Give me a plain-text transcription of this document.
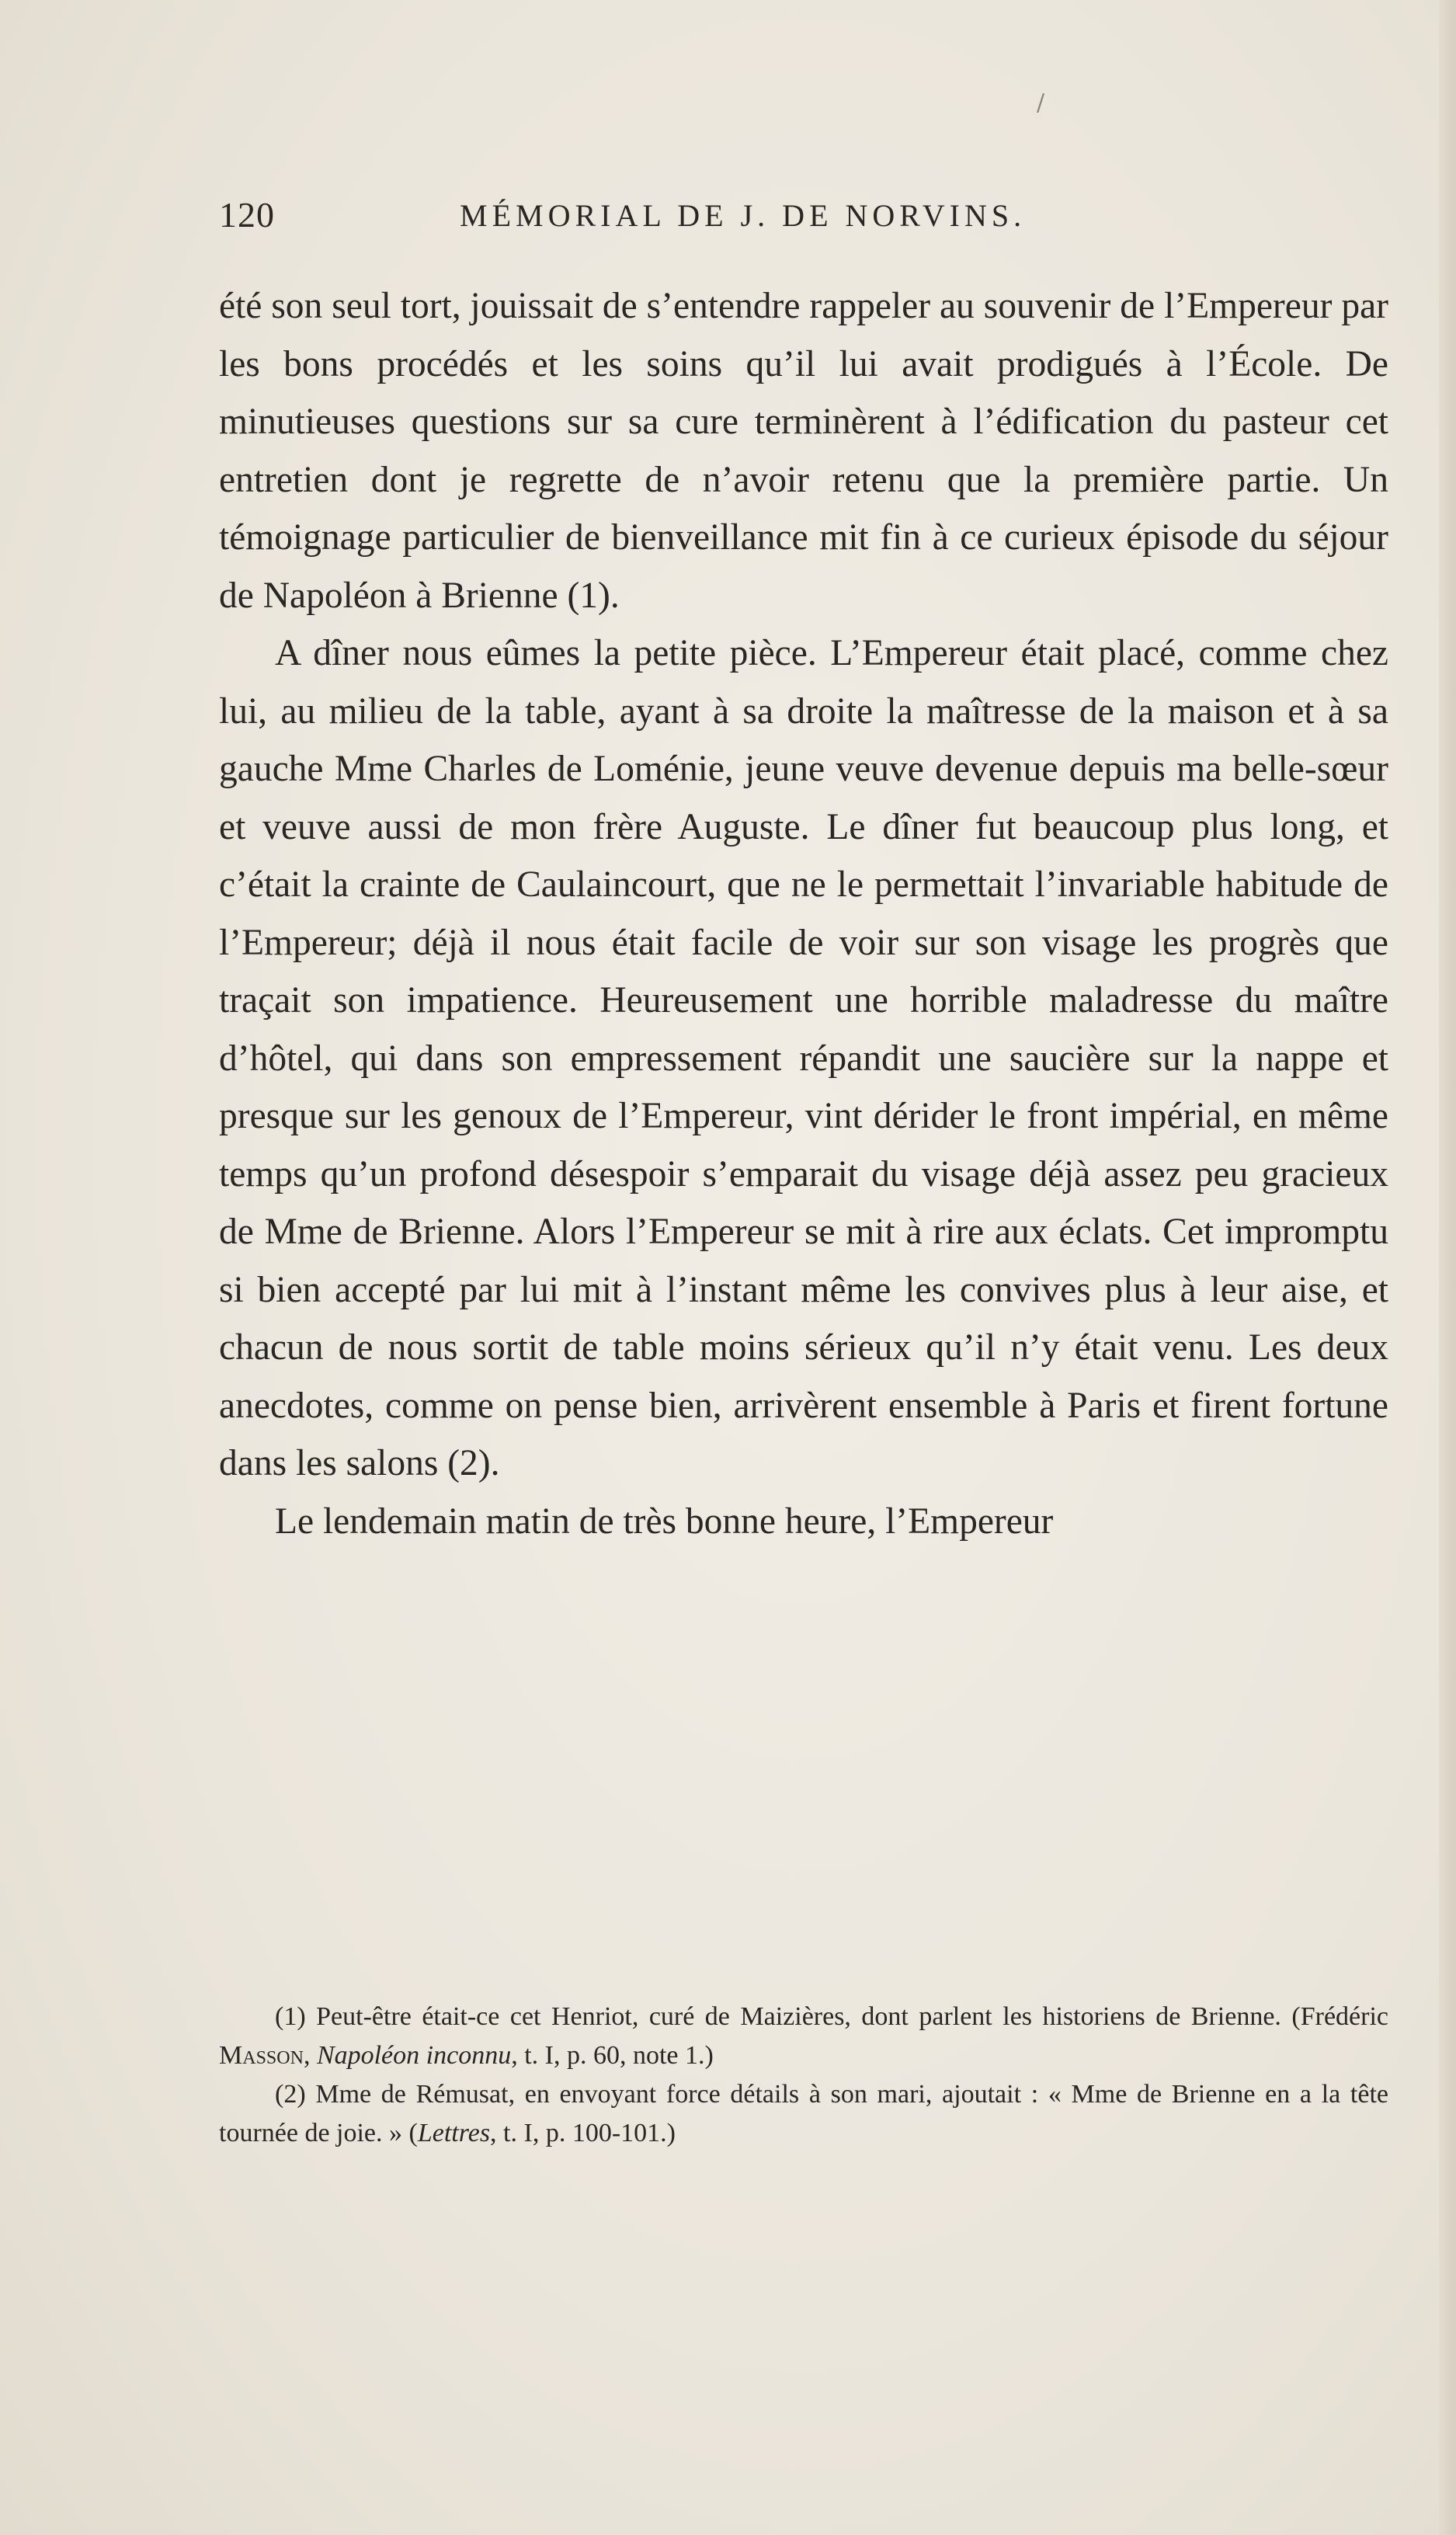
/
120	MÉMORIAL DE J. DE NORVINS.

été son seul tort, jouissait de s’entendre rappeler au souvenir de l’Empereur par les bons procédés et les soins qu’il lui avait prodigués à l’École. De minutieuses questions sur sa cure terminèrent à l’édification du pasteur cet entretien dont je regrette de n’avoir retenu que la première partie. Un témoignage particulier de bienveillance mit fin à ce curieux épisode du séjour de Napoléon à Brienne (1).

A dîner nous eûmes la petite pièce. L’Empereur était placé, comme chez lui, au milieu de la table, ayant à sa droite la maîtresse de la maison et à sa gauche Mme Charles de Loménie, jeune veuve devenue depuis ma belle-sœur et veuve aussi de mon frère Auguste. Le dîner fut beaucoup plus long, et c’était la crainte de Caulaincourt, que ne le permettait l’invariable habitude de l’Empereur; déjà il nous était facile de voir sur son visage les progrès que traçait son impatience. Heureusement une horrible maladresse du maître d’hôtel, qui dans son empressement répandit une saucière sur la nappe et presque sur les genoux de l’Empereur, vint dérider le front impérial, en même temps qu’un profond désespoir s’emparait du visage déjà assez peu gracieux de Mme de Brienne. Alors l’Empereur se mit à rire aux éclats. Cet impromptu si bien accepté par lui mit à l’instant même les convives plus à leur aise, et chacun de nous sortit de table moins sérieux qu’il n’y était venu. Les deux anecdotes, comme on pense bien, arrivèrent ensemble à Paris et firent fortune dans les salons (2).

Le lendemain matin de très bonne heure, l’Empereur

(1) Peut-être était-ce cet Henriot, curé de Maizières, dont parlent les historiens de Brienne. (Frédéric Masson, Napoléon inconnu, t. I, p. 60, note 1.)

(2) Mme de Rémusat, en envoyant force détails à son mari, ajoutait : « Mme de Brienne en a la tête tournée de joie. » (Lettres, t. I, p. 100-101.)
